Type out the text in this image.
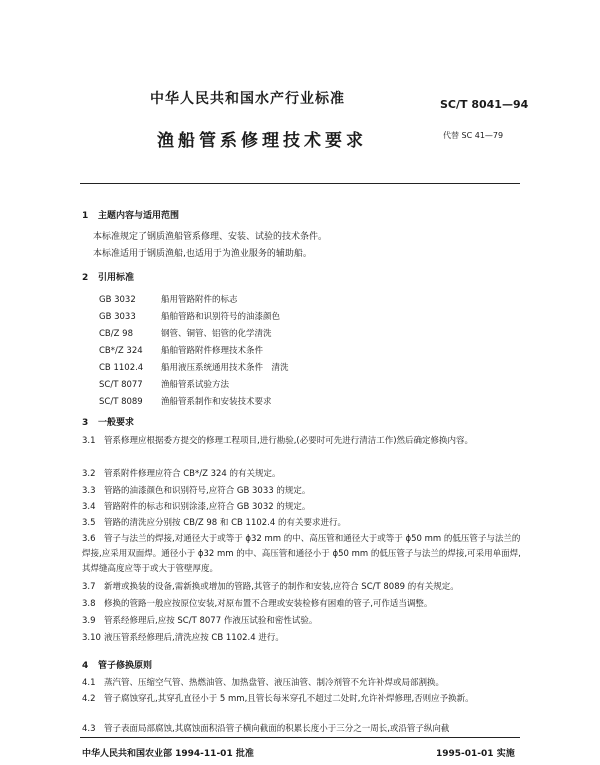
中华人民共和国水产行业标准	SC/T 8041—94
渔船管系修理技术要求	代替 SC 41—79
1 主题内容与适用范围
本标准规定了钢质渔船管系修理、安装、试验的技术条件。
本标准适用于钢质渔船,也适用于为渔业服务的辅助船。
2 引用标准
GB 3032	船用管路附件的标志
GB 3033	船舶管路和识别符号的油漆颜色
CB/Z 98	钢管、铜管、铝管的化学清洗
CB*/Z 324 船舶管路附件修理技术条件
CB 1102.4 船用液压系统通用技术条件　清洗
SC/T 8077 渔船管系试验方法
SC/T 8089 渔船管系制作和安装技术要求
3 一般要求
3.1 管系修理应根据委方提交的修理工程项目,进行勘验,(必要时可先进行清洁工作)然后确定修换内容。
3.2 管系附件修理应符合 CB*/Z 324 的有关规定。
3.3 管路的油漆颜色和识别符号,应符合 GB 3033 的规定。
3.4 管路附件的标志和识别涂漆,应符合 GB 3032 的规定。
3.5 管路的清洗应分别按 CB/Z 98 和 CB 1102.4 的有关要求进行。
3.6 管子与法兰的焊接,对通径大于或等于 ϕ32 mm 的中、高压管和通径大于或等于 ϕ50 mm 的低压管子与法兰的焊接,应采用双面焊。通径小于 ϕ32 mm 的中、高压管和通径小于 ϕ50 mm 的低压管子与法兰的焊接,可采用单面焊,其焊缝高度应等于或大于管壁厚度。
3.7 新增或换装的设备,需新换或增加的管路,其管子的制作和安装,应符合 SC/T 8089 的有关规定。
3.8 修换的管路一般应按原位安装,对原布置不合理或安装检修有困难的管子,可作适当调整。
3.9 管系经修理后,应按 SC/T 8077 作液压试验和密性试验。
3.10 液压管系经修理后,清洗应按 CB 1102.4 进行。
4 管子修换原则
4.1 蒸汽管、压缩空气管、热燃油管、加热盘管、液压油管、制冷剂管不允许补焊或局部割换。
4.2 管子腐蚀穿孔,其穿孔直径小于 5 mm,且管长每米穿孔不超过二处时,允许补焊修理,否则应予换新。
4.3 管子表面局部腐蚀,其腐蚀面积沿管子横向截面的积累长度小于三分之一周长,或沿管子纵向截
中华人民共和国农业部 1994-11-01 批准	1995-01-01 实施
